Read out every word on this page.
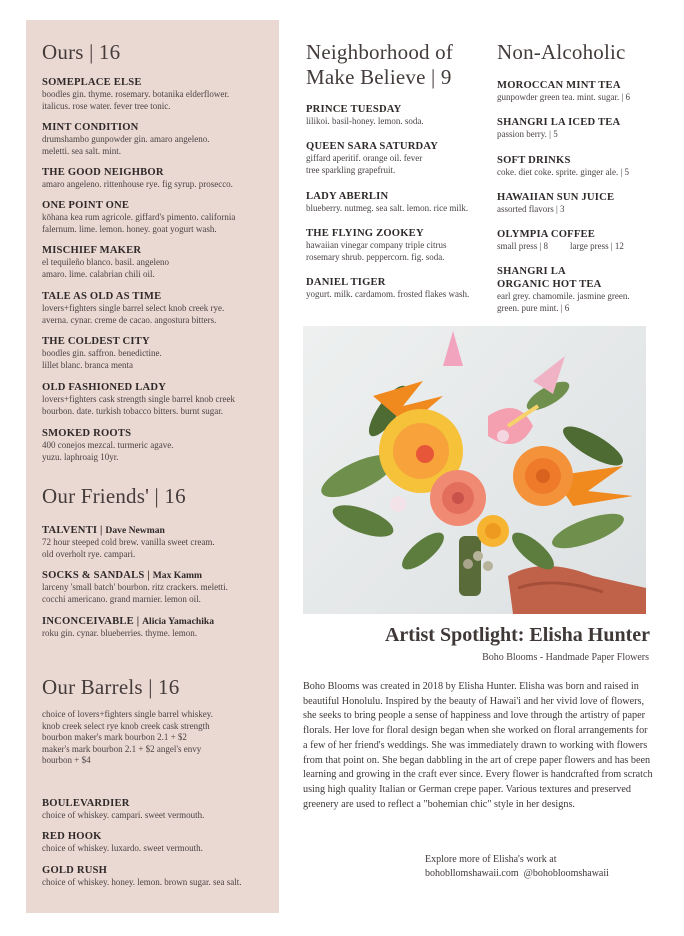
Ours | 16
SOMEPLACE ELSE
boodles gin. thyme. rosemary. botanika elderflower.
italicus. rose water. fever tree tonic.
MINT CONDITION
drumshambo gunpowder gin. amaro angeleno.
meletti. sea salt. mint.
THE GOOD NEIGHBOR
amaro angeleno. rittenhouse rye. fig syrup. prosecco.
ONE POINT ONE
kōhana kea rum agricole. giffard's pimento. california
falernum. lime. lemon. honey. goat yogurt wash.
MISCHIEF MAKER
el tequileño blanco. basil. angeleno
amaro. lime. calabrian chili oil.
TALE AS OLD AS TIME
lovers+fighters single barrel select knob creek rye.
averna. cynar. creme de cacao. angostura bitters.
THE COLDEST CITY
boodles gin. saffron. benedictine.
lillet blanc. branca menta
OLD FASHIONED LADY
lovers+fighters cask strength single barrel knob creek
bourbon. date. turkish tobacco bitters. burnt sugar.
SMOKED ROOTS
400 conejos mezcal. turmeric agave.
yuzu. laphroaig 10yr.
Our Friends' | 16
TALVENTI | Dave Newman
72 hour steeped cold brew. vanilla sweet cream.
old overholt rye. campari.
SOCKS & SANDALS | Max Kamm
larceny 'small batch' bourbon. ritz crackers. meletti.
cocchi americano. grand marnier. lemon oil.
INCONCEIVABLE | Alicia Yamachika
roku gin. cynar. blueberries. thyme. lemon.
Our Barrels | 16
choice of lovers+fighters single barrel whiskey.
knob creek select rye knob creek cask strength
bourbon maker's mark bourbon 2.1 + $2
maker's mark bourbon 2.1 + $2 angel's envy
bourbon + $4
BOULEVARDIER
choice of whiskey. campari. sweet vermouth.
RED HOOK
choice of whiskey. luxardo. sweet vermouth.
GOLD RUSH
choice of whiskey. honey. lemon. brown sugar. sea salt.
Neighborhood of
Make Believe | 9
PRINCE TUESDAY
lilikoi. basil-honey. lemon. soda.
QUEEN SARA SATURDAY
giffard aperitif. orange oil. fever
tree sparkling grapefruit.
LADY ABERLIN
blueberry. nutmeg. sea salt. lemon. rice milk.
THE FLYING ZOOKEY
hawaiian vinegar company triple citrus
rosemary shrub. peppercorn. fig. soda.
DANIEL TIGER
yogurt. milk. cardamom. frosted flakes wash.
Non-Alcoholic
MOROCCAN MINT TEA
gunpowder green tea. mint. sugar. | 6
SHANGRI LA ICED TEA
passion berry. | 5
SOFT DRINKS
coke. diet coke. sprite. ginger ale. | 5
HAWAIIAN SUN JUICE
assorted flavors | 3
OLYMPIA COFFEE
small press | 8 large press | 12
SHANGRI LA
ORGANIC HOT TEA
earl grey. chamomile. jasmine green.
green. pure mint. | 6
Artist Spotlight: Elisha Hunter
Boho Blooms - Handmade Paper Flowers

Boho Blooms was created in 2018 by Elisha Hunter. Elisha was born and raised in beautiful Honolulu. Inspired by the beauty of Hawai'i and her vivid love of flowers, she seeks to bring people a sense of happiness and love through the artistry of paper florals. Her love for floral design began when she worked on floral arrangements for a few of her friend's weddings. She was immediately drawn to working with flowers from that point on. She began dabbling in the art of crepe paper flowers and has been learning and growing in the craft ever since. Every flower is handcrafted from scratch using high quality Italian or German crepe paper. Various textures and preserved greenery are used to reflect a "bohemian chic" style in her designs.

Explore more of Elisha's work at
bohobllomshawaii.com @bohobloomshawaii
